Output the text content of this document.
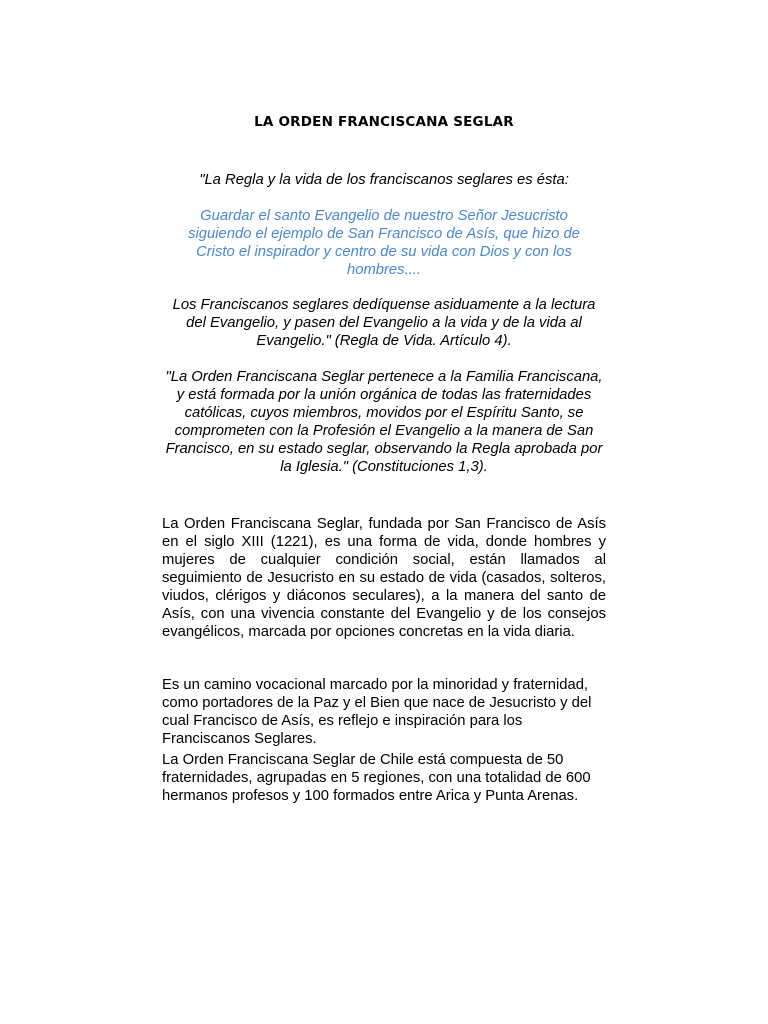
LA ORDEN FRANCISCANA SEGLAR

"La Regla y la vida de los franciscanos seglares es ésta:

Guardar el santo Evangelio de nuestro Señor Jesucristo siguiendo el ejemplo de San Francisco de Asís, que hizo de Cristo el inspirador y centro de su vida con Dios y con los hombres....

Los Franciscanos seglares dedíquense asiduamente a la lectura del Evangelio, y pasen del Evangelio a la vida y de la vida al Evangelio." (Regla de Vida. Artículo 4).

"La Orden Franciscana Seglar pertenece a la Familia Franciscana, y está formada por la unión orgánica de todas las fraternidades católicas, cuyos miembros, movidos por el Espíritu Santo, se comprometen con la Profesión el Evangelio a la manera de San Francisco, en su estado seglar, observando la Regla aprobada por la Iglesia." (Constituciones 1,3).

La Orden Franciscana Seglar, fundada por San Francisco de Asís en el siglo XIII (1221), es una forma de vida, donde hombres y mujeres de cualquier condición social, están llamados al seguimiento de Jesucristo en su estado de vida (casados, solteros, viudos, clérigos y diáconos seculares), a la manera del santo de Asís, con una vivencia constante del Evangelio y de los consejos evangélicos, marcada por opciones concretas en la vida diaria.

Es un camino vocacional marcado por la minoridad y fraternidad, como portadores de la Paz y el Bien que nace de Jesucristo y del cual Francisco de Asís, es reflejo e inspiración para los Franciscanos Seglares.

La Orden Franciscana Seglar de Chile está compuesta de 50 fraternidades, agrupadas en 5 regiones, con una totalidad de 600 hermanos profesos y 100 formados entre Arica y Punta Arenas.
